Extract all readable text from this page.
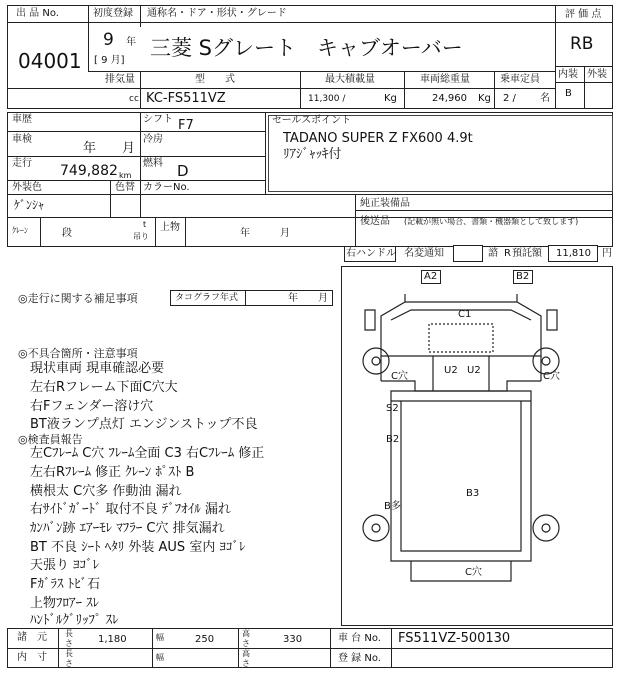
出 品 No.
04001
初度登録 通称名・ドア・形状・グレード
9 年
[ 9 月]
三菱 Sグレート　キャブオーバー
評 価 点
RB
内装 外装
B
排気量	型　　式	最大積載量	車両総重量	乗車定員
cc KC-FS511VZ	11,300 /	Kg	24,960 Kg 2 / 名
車歴	シフト F7
車検
年 月
冷房
走行 749,882 km
燃料 D
外装色
ｹﾞﾝｼｬ
色替 カラーNo.
ｸﾚｰﾝ	段
t
吊り
上物
年	月
セールスポイント
TADANO SUPER Z FX600 4.9t
ﾘｱｼﾞｬｯｷ付
純正装備品
後送品 (記載が無い場合、書類・機器類として致します)
右ハンドル 名変通知	諮 R 預託額 11,810 円
◎走行に関する補足事項	タコグラフ年式	年 月
◎不具合箇所・注意事項
現状車両 現車確認必要
左右Rフレーム下面C穴大
右Fフェンダー溶け穴
BT液ランプ点灯 エンジンストップ不良
◎検査員報告
左Cﾌﾚｰﾑ C穴 ﾌﾚｰﾑ全面 C3 右Cﾌﾚｰﾑ 修正
左右Rﾌﾚｰﾑ 修正 ｸﾚｰﾝ ﾎﾟｽﾄ B
横根太 C穴多 作動油 漏れ
右ｻｲﾄﾞｶﾞｰﾄﾞ 取付不良 ﾃﾞﾌｵｲﾙ 漏れ
ｶﾝﾊﾞﾝ跡 ｴｱｰﾓﾚ ﾏﾌﾗｰ C穴 排気漏れ
BT 不良 ｼｰﾄ ﾍﾀﾘ 外装 AUS 室内 ﾖｺﾞﾚ
天張り ﾖｺﾞﾚ
Fｶﾞﾗｽ ﾄﾋﾞ石
上物ﾌﾛｱｰ ｽﾚ
ﾊﾝﾄﾞﾙｸﾞﾘｯﾌﾟ ｽﾚ
A2	B2
C1
U2 U2
C穴	C穴
S2
B2
B3
B多
C穴
諸　元
内　寸
長さ	1,180
長さ
幅	250
幅
高さ	330
高さ
車 台 No. FS511VZ-500130
登 録 No.
